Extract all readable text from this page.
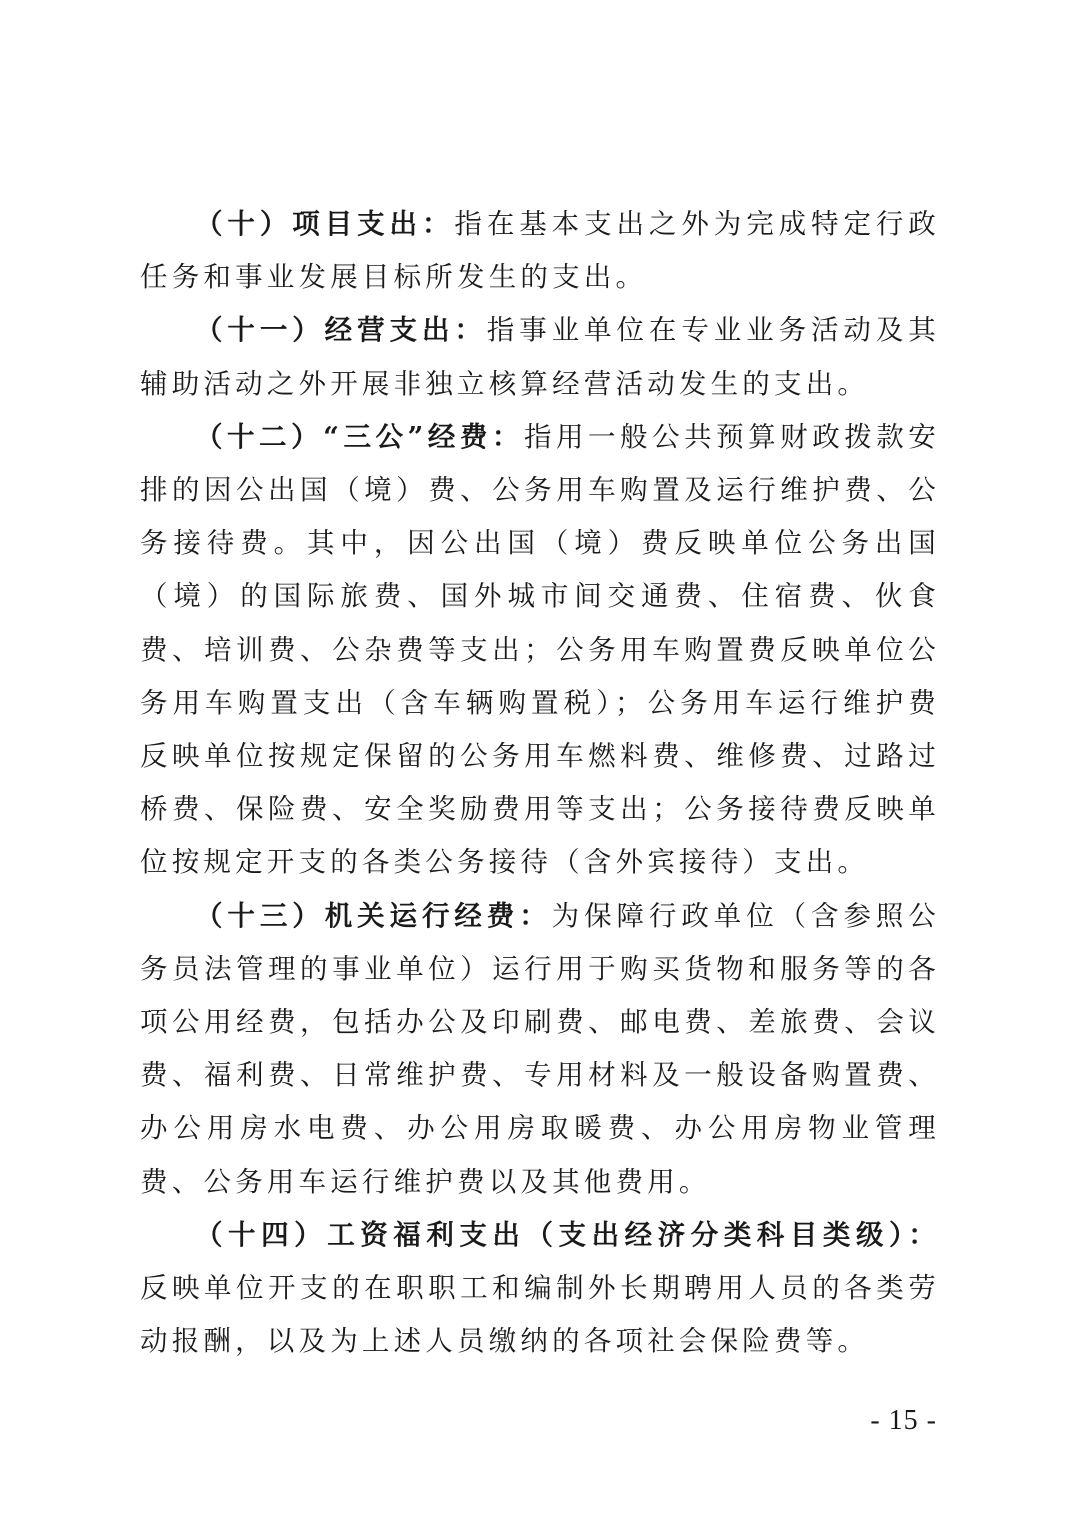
（十）项目支出：指在基本支出之外为完成特定行政任务和事业发展目标所发生的支出。

（十一）经营支出：指事业单位在专业业务活动及其辅助活动之外开展非独立核算经营活动发生的支出。

（十二）“三公”经费：指用一般公共预算财政拨款安排的因公出国（境）费、公务用车购置及运行维护费、公务接待费。其中，因公出国（境）费反映单位公务出国（境）的国际旅费、国外城市间交通费、住宿费、伙食费、培训费、公杂费等支出；公务用车购置费反映单位公务用车购置支出（含车辆购置税）；公务用车运行维护费反映单位按规定保留的公务用车燃料费、维修费、过路过桥费、保险费、安全奖励费用等支出；公务接待费反映单位按规定开支的各类公务接待（含外宾接待）支出。

（十三）机关运行经费：为保障行政单位（含参照公务员法管理的事业单位）运行用于购买货物和服务等的各项公用经费，包括办公及印刷费、邮电费、差旅费、会议费、福利费、日常维护费、专用材料及一般设备购置费、办公用房水电费、办公用房取暖费、办公用房物业管理费、公务用车运行维护费以及其他费用。

（十四）工资福利支出（支出经济分类科目类级）：反映单位开支的在职职工和编制外长期聘用人员的各类劳动报酬，以及为上述人员缴纳的各项社会保险费等。

- 15 -
